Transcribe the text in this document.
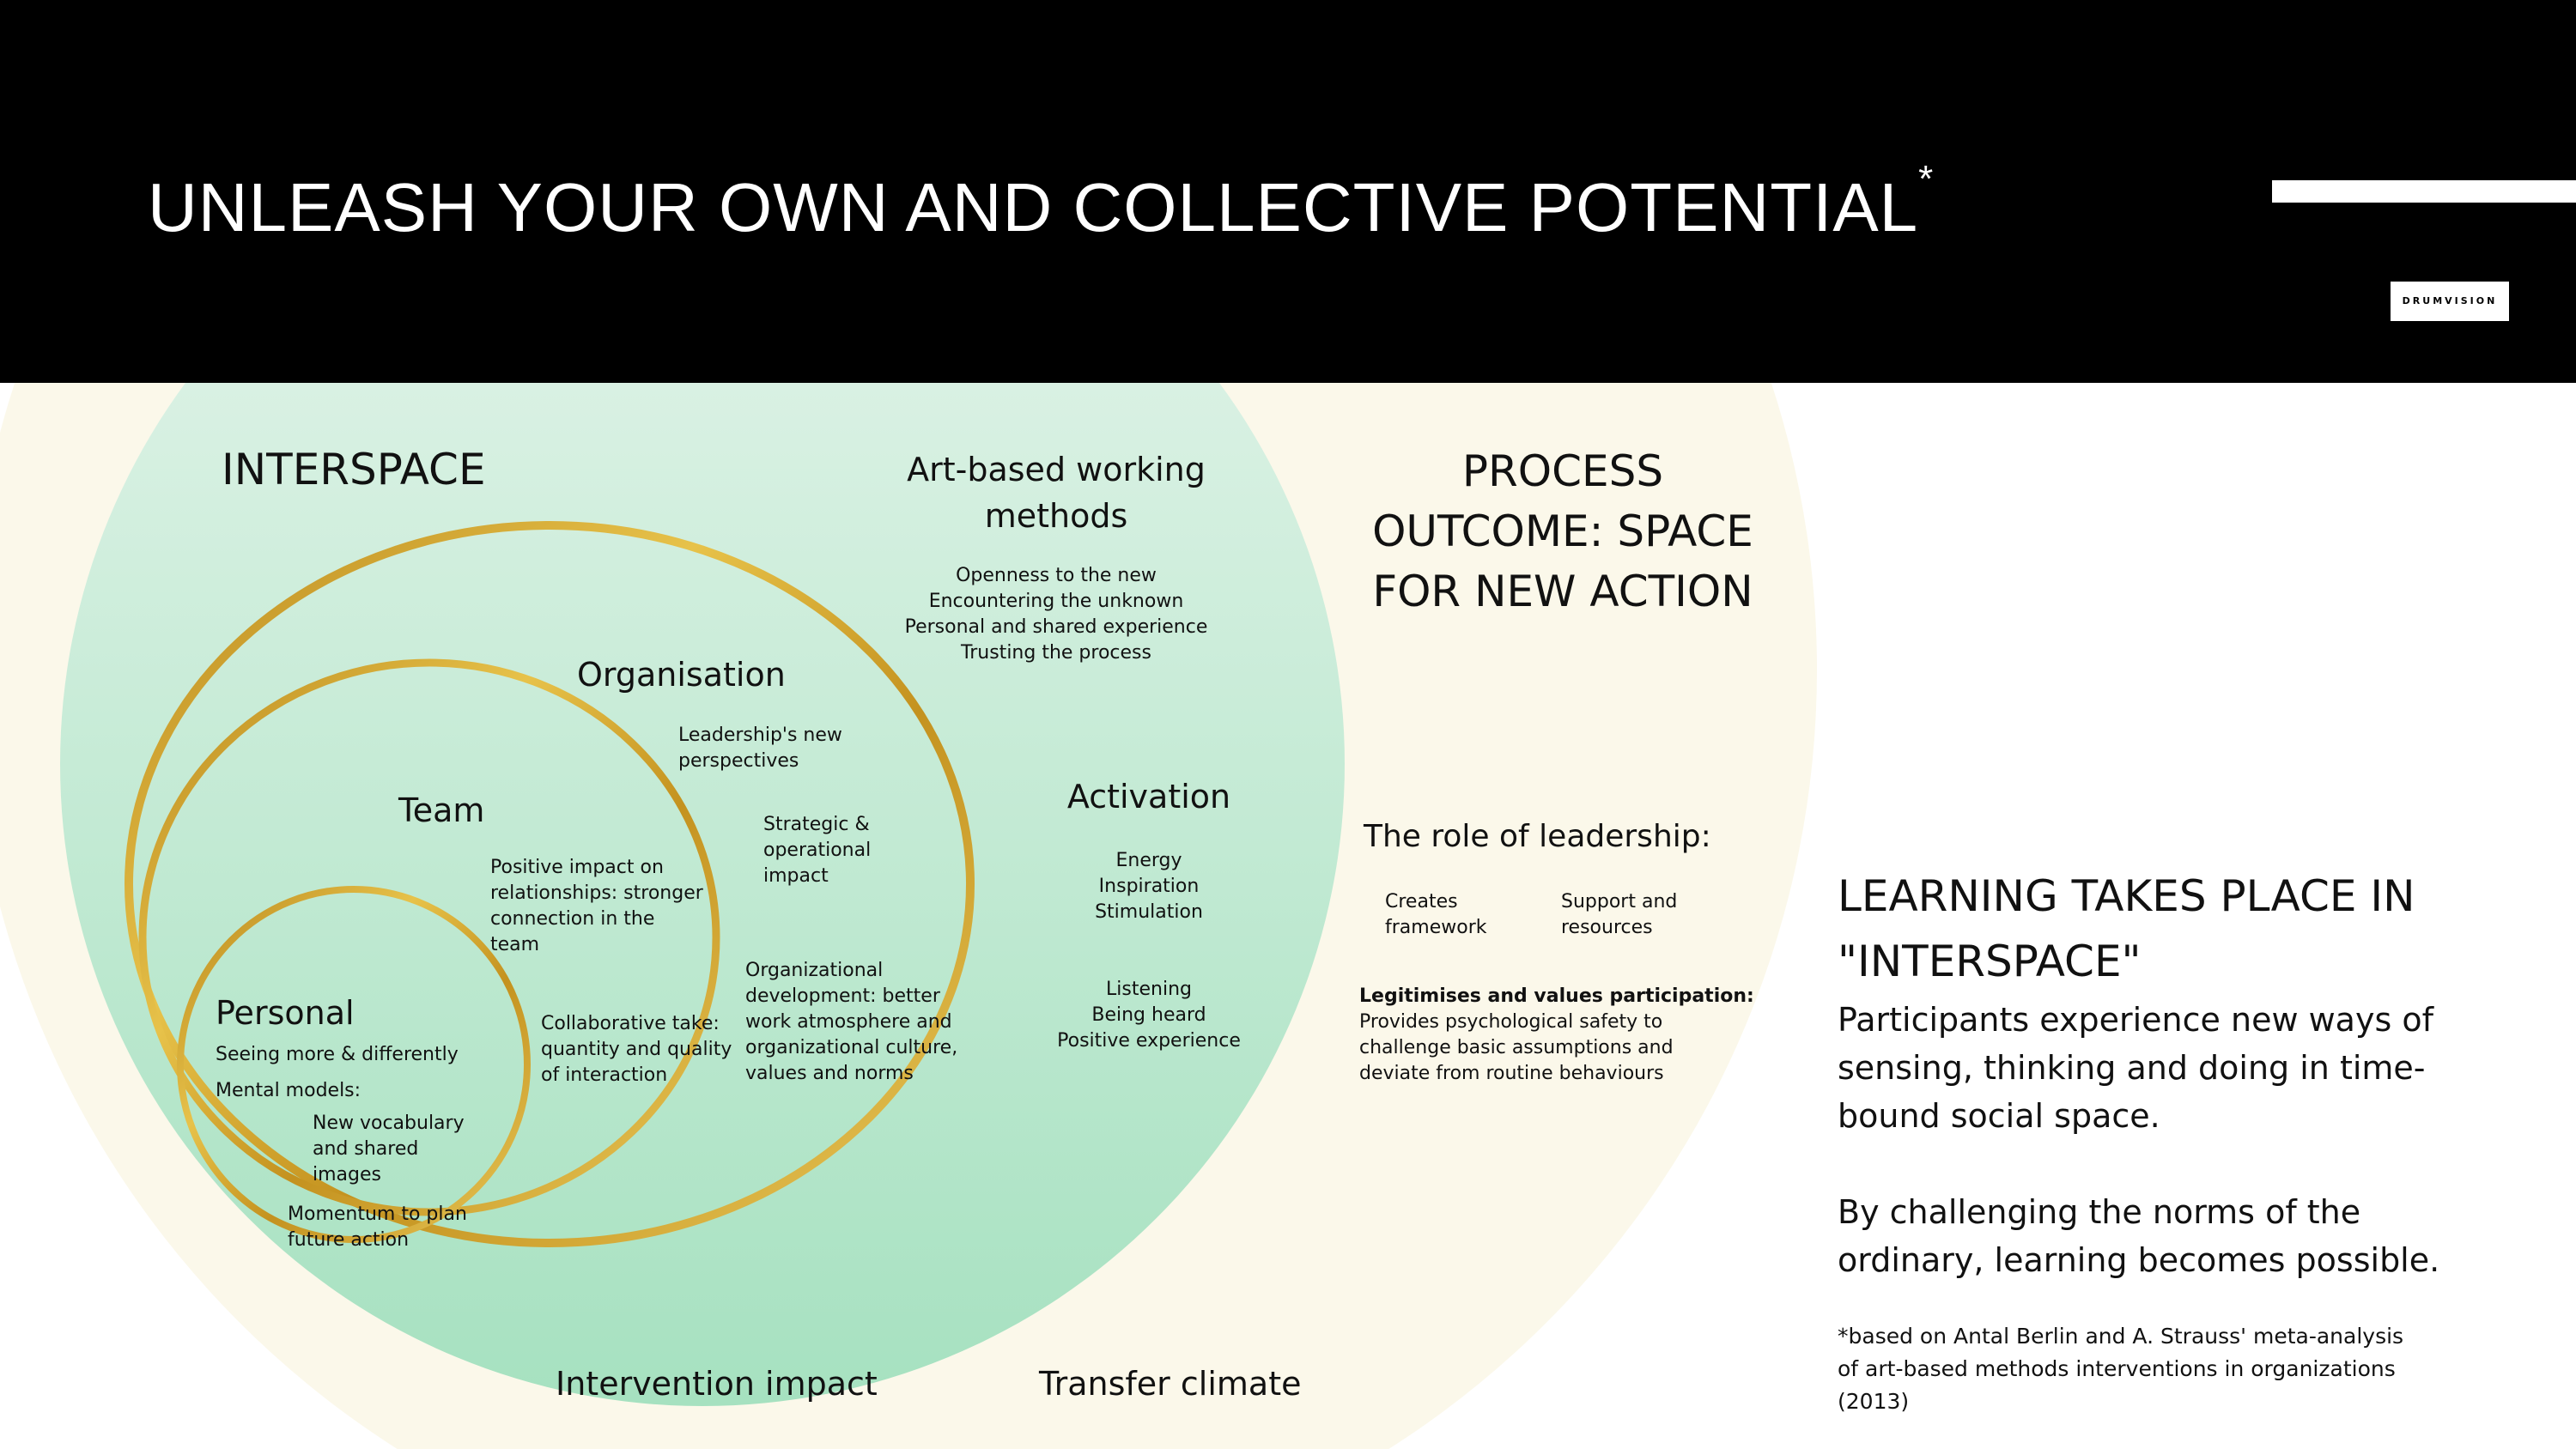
UNLEASH YOUR OWN AND COLLECTIVE POTENTIAL*
DRUMVISION
INTERSPACE	Art-based working
methods
Openness to the new
Encountering the unknown
Personal and shared experience
Trusting the process
Organisation
Leadership's new
perspectives
Strategic &
operational
impact
Organizational
development: better
work atmosphere and
organizational culture,
values and norms
Team
Positive impact on
relationships: stronger
connection in the
team
Collaborative take:
quantity and quality
of interaction
Personal
Seeing more & differently
Mental models:
New vocabulary
and shared
images
Momentum to plan
future action
Activation
Energy
Inspiration
Stimulation
Listening
Being heard
Positive experience
Intervention impact	Transfer climate
PROCESS
OUTCOME: SPACE
FOR NEW ACTION
The role of leadership:
Creates
framework
Support and
resources
Legitimises and values participation:
Provides psychological safety to
challenge basic assumptions and
deviate from routine behaviours
LEARNING TAKES PLACE IN
"INTERSPACE"
Participants experience new ways of
sensing, thinking and doing in time-
bound social space.
By challenging the norms of the
ordinary, learning becomes possible.
*based on Antal Berlin and A. Strauss' meta-analysis
of art-based methods interventions in organizations
(2013)
